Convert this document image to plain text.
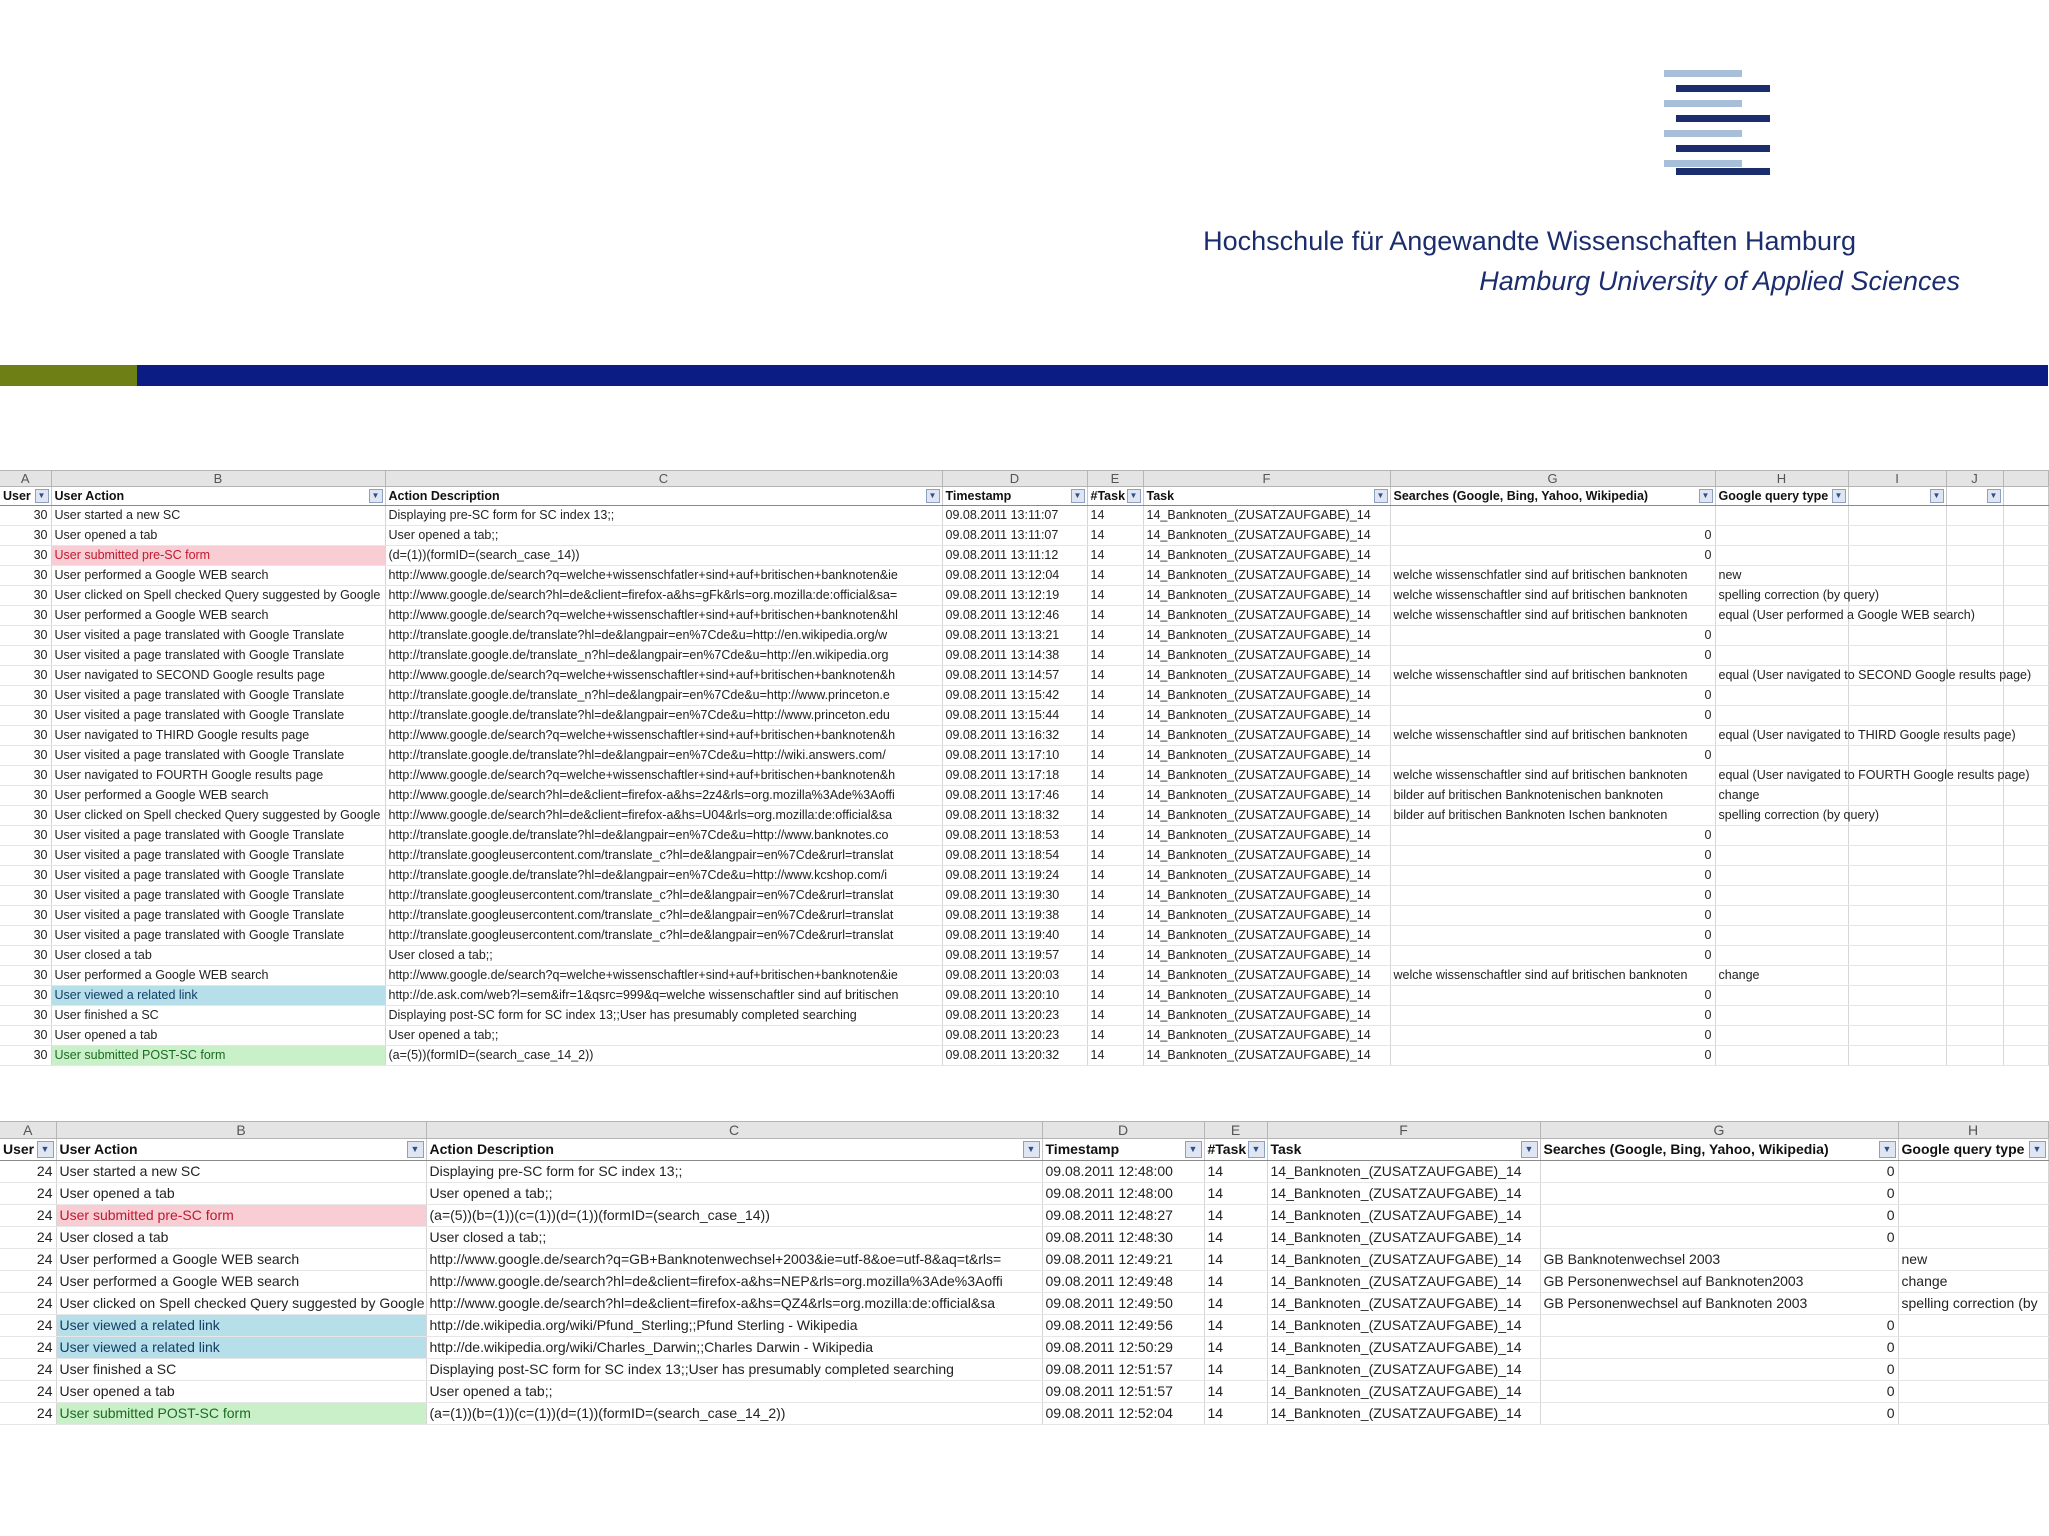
Hochschule für Angewandte Wissenschaften Hamburg
Hamburg University of Applied Sciences
A	B	C	D	E	F	G	H	I	J	
User ▼	User Action ▼	Action Description ▼	Timestamp ▼	#Task ▼	Task ▼	Searches (Google, Bing, Yahoo, Wikipedia) ▼	Google query type ▼	▼	▼	

30	User started a new SC	Displaying pre-SC form for SC index 13;;	09.08.2011 13:11:07	14	14_Banknoten_(ZUSATZAUFGABE)_14					
30	User opened a tab	User opened a tab;;	09.08.2011 13:11:07	14	14_Banknoten_(ZUSATZAUFGABE)_14	0				
30	User submitted pre-SC form	(d=(1))(formID=(search_case_14))	09.08.2011 13:11:12	14	14_Banknoten_(ZUSATZAUFGABE)_14	0				
30	User performed a Google WEB search	http://www.google.de/search?q=welche+wissenschfatler+sind+auf+britischen+banknoten&ie	09.08.2011 13:12:04	14	14_Banknoten_(ZUSATZAUFGABE)_14	welche wissenschfatler sind auf britischen banknoten	new			
30	User clicked on Spell checked Query suggested by Google	http://www.google.de/search?hl=de&client=firefox-a&hs=gFk&rls=org.mozilla:de:official&sa=	09.08.2011 13:12:19	14	14_Banknoten_(ZUSATZAUFGABE)_14	welche wissenschaftler sind auf britischen banknoten	spelling correction (by query)			
30	User performed a Google WEB search	http://www.google.de/search?q=welche+wissenschaftler+sind+auf+britischen+banknoten&hl	09.08.2011 13:12:46	14	14_Banknoten_(ZUSATZAUFGABE)_14	welche wissenschaftler sind auf britischen banknoten	equal (User performed a Google WEB search)			
30	User visited a page translated with Google Translate	http://translate.google.de/translate?hl=de&langpair=en%7Cde&u=http://en.wikipedia.org/w	09.08.2011 13:13:21	14	14_Banknoten_(ZUSATZAUFGABE)_14	0				
30	User visited a page translated with Google Translate	http://translate.google.de/translate_n?hl=de&langpair=en%7Cde&u=http://en.wikipedia.org	09.08.2011 13:14:38	14	14_Banknoten_(ZUSATZAUFGABE)_14	0				
30	User navigated to SECOND Google results page	http://www.google.de/search?q=welche+wissenschaftler+sind+auf+britischen+banknoten&h	09.08.2011 13:14:57	14	14_Banknoten_(ZUSATZAUFGABE)_14	welche wissenschaftler sind auf britischen banknoten	equal (User navigated to SECOND Google results page)			
30	User visited a page translated with Google Translate	http://translate.google.de/translate_n?hl=de&langpair=en%7Cde&u=http://www.princeton.e	09.08.2011 13:15:42	14	14_Banknoten_(ZUSATZAUFGABE)_14	0				
30	User visited a page translated with Google Translate	http://translate.google.de/translate?hl=de&langpair=en%7Cde&u=http://www.princeton.edu	09.08.2011 13:15:44	14	14_Banknoten_(ZUSATZAUFGABE)_14	0				
30	User navigated to THIRD Google results page	http://www.google.de/search?q=welche+wissenschaftler+sind+auf+britischen+banknoten&h	09.08.2011 13:16:32	14	14_Banknoten_(ZUSATZAUFGABE)_14	welche wissenschaftler sind auf britischen banknoten	equal (User navigated to THIRD Google results page)			
30	User visited a page translated with Google Translate	http://translate.google.de/translate?hl=de&langpair=en%7Cde&u=http://wiki.answers.com/	09.08.2011 13:17:10	14	14_Banknoten_(ZUSATZAUFGABE)_14	0				
30	User navigated to FOURTH Google results page	http://www.google.de/search?q=welche+wissenschaftler+sind+auf+britischen+banknoten&h	09.08.2011 13:17:18	14	14_Banknoten_(ZUSATZAUFGABE)_14	welche wissenschaftler sind auf britischen banknoten	equal (User navigated to FOURTH Google results page)			
30	User performed a Google WEB search	http://www.google.de/search?hl=de&client=firefox-a&hs=2z4&rls=org.mozilla%3Ade%3Aoffi	09.08.2011 13:17:46	14	14_Banknoten_(ZUSATZAUFGABE)_14	bilder auf britischen Banknotenischen banknoten	change			
30	User clicked on Spell checked Query suggested by Google	http://www.google.de/search?hl=de&client=firefox-a&hs=U04&rls=org.mozilla:de:official&sa	09.08.2011 13:18:32	14	14_Banknoten_(ZUSATZAUFGABE)_14	bilder auf britischen Banknoten Ischen banknoten	spelling correction (by query)			
30	User visited a page translated with Google Translate	http://translate.google.de/translate?hl=de&langpair=en%7Cde&u=http://www.banknotes.co	09.08.2011 13:18:53	14	14_Banknoten_(ZUSATZAUFGABE)_14	0				
30	User visited a page translated with Google Translate	http://translate.googleusercontent.com/translate_c?hl=de&langpair=en%7Cde&rurl=translat	09.08.2011 13:18:54	14	14_Banknoten_(ZUSATZAUFGABE)_14	0				
30	User visited a page translated with Google Translate	http://translate.google.de/translate?hl=de&langpair=en%7Cde&u=http://www.kcshop.com/i	09.08.2011 13:19:24	14	14_Banknoten_(ZUSATZAUFGABE)_14	0				
30	User visited a page translated with Google Translate	http://translate.googleusercontent.com/translate_c?hl=de&langpair=en%7Cde&rurl=translat	09.08.2011 13:19:30	14	14_Banknoten_(ZUSATZAUFGABE)_14	0				
30	User visited a page translated with Google Translate	http://translate.googleusercontent.com/translate_c?hl=de&langpair=en%7Cde&rurl=translat	09.08.2011 13:19:38	14	14_Banknoten_(ZUSATZAUFGABE)_14	0				
30	User visited a page translated with Google Translate	http://translate.googleusercontent.com/translate_c?hl=de&langpair=en%7Cde&rurl=translat	09.08.2011 13:19:40	14	14_Banknoten_(ZUSATZAUFGABE)_14	0				
30	User closed a tab	User closed a tab;;	09.08.2011 13:19:57	14	14_Banknoten_(ZUSATZAUFGABE)_14	0				
30	User performed a Google WEB search	http://www.google.de/search?q=welche+wissenschaftler+sind+auf+britischen+banknoten&ie	09.08.2011 13:20:03	14	14_Banknoten_(ZUSATZAUFGABE)_14	welche wissenschaftler sind auf britischen banknoten	change			
30	User viewed a related link	http://de.ask.com/web?l=sem&ifr=1&qsrc=999&q=welche wissenschaftler sind auf britischen	09.08.2011 13:20:10	14	14_Banknoten_(ZUSATZAUFGABE)_14	0				
30	User finished a SC	Displaying post-SC form for SC index 13;;User has presumably completed searching	09.08.2011 13:20:23	14	14_Banknoten_(ZUSATZAUFGABE)_14	0				
30	User opened a tab	User opened a tab;;	09.08.2011 13:20:23	14	14_Banknoten_(ZUSATZAUFGABE)_14	0				
30	User submitted POST-SC form	(a=(5))(formID=(search_case_14_2))	09.08.2011 13:20:32	14	14_Banknoten_(ZUSATZAUFGABE)_14	0				
A	B	C	D	E	F	G	H
User ▼	User Action ▼	Action Description ▼	Timestamp ▼	#Task ▼	Task ▼	Searches (Google, Bing, Yahoo, Wikipedia) ▼	Google query type ▼

24	User started a new SC	Displaying pre-SC form for SC index 13;;	09.08.2011 12:48:00	14	14_Banknoten_(ZUSATZAUFGABE)_14	0	
24	User opened a tab	User opened a tab;;	09.08.2011 12:48:00	14	14_Banknoten_(ZUSATZAUFGABE)_14	0	
24	User submitted pre-SC form	(a=(5))(b=(1))(c=(1))(d=(1))(formID=(search_case_14))	09.08.2011 12:48:27	14	14_Banknoten_(ZUSATZAUFGABE)_14	0	
24	User closed a tab	User closed a tab;;	09.08.2011 12:48:30	14	14_Banknoten_(ZUSATZAUFGABE)_14	0	
24	User performed a Google WEB search	http://www.google.de/search?q=GB+Banknotenwechsel+2003&ie=utf-8&oe=utf-8&aq=t&rls=	09.08.2011 12:49:21	14	14_Banknoten_(ZUSATZAUFGABE)_14	GB Banknotenwechsel 2003	new
24	User performed a Google WEB search	http://www.google.de/search?hl=de&client=firefox-a&hs=NEP&rls=org.mozilla%3Ade%3Aoffi	09.08.2011 12:49:48	14	14_Banknoten_(ZUSATZAUFGABE)_14	GB Personenwechsel auf Banknoten2003	change
24	User clicked on Spell checked Query suggested by Google	http://www.google.de/search?hl=de&client=firefox-a&hs=QZ4&rls=org.mozilla:de:official&sa	09.08.2011 12:49:50	14	14_Banknoten_(ZUSATZAUFGABE)_14	GB Personenwechsel auf Banknoten 2003	spelling correction (by
24	User viewed a related link	http://de.wikipedia.org/wiki/Pfund_Sterling;;Pfund Sterling - Wikipedia	09.08.2011 12:49:56	14	14_Banknoten_(ZUSATZAUFGABE)_14	0	
24	User viewed a related link	http://de.wikipedia.org/wiki/Charles_Darwin;;Charles Darwin - Wikipedia	09.08.2011 12:50:29	14	14_Banknoten_(ZUSATZAUFGABE)_14	0	
24	User finished a SC	Displaying post-SC form for SC index 13;;User has presumably completed searching	09.08.2011 12:51:57	14	14_Banknoten_(ZUSATZAUFGABE)_14	0	
24	User opened a tab	User opened a tab;;	09.08.2011 12:51:57	14	14_Banknoten_(ZUSATZAUFGABE)_14	0	
24	User submitted POST-SC form	(a=(1))(b=(1))(c=(1))(d=(1))(formID=(search_case_14_2))	09.08.2011 12:52:04	14	14_Banknoten_(ZUSATZAUFGABE)_14	0	
